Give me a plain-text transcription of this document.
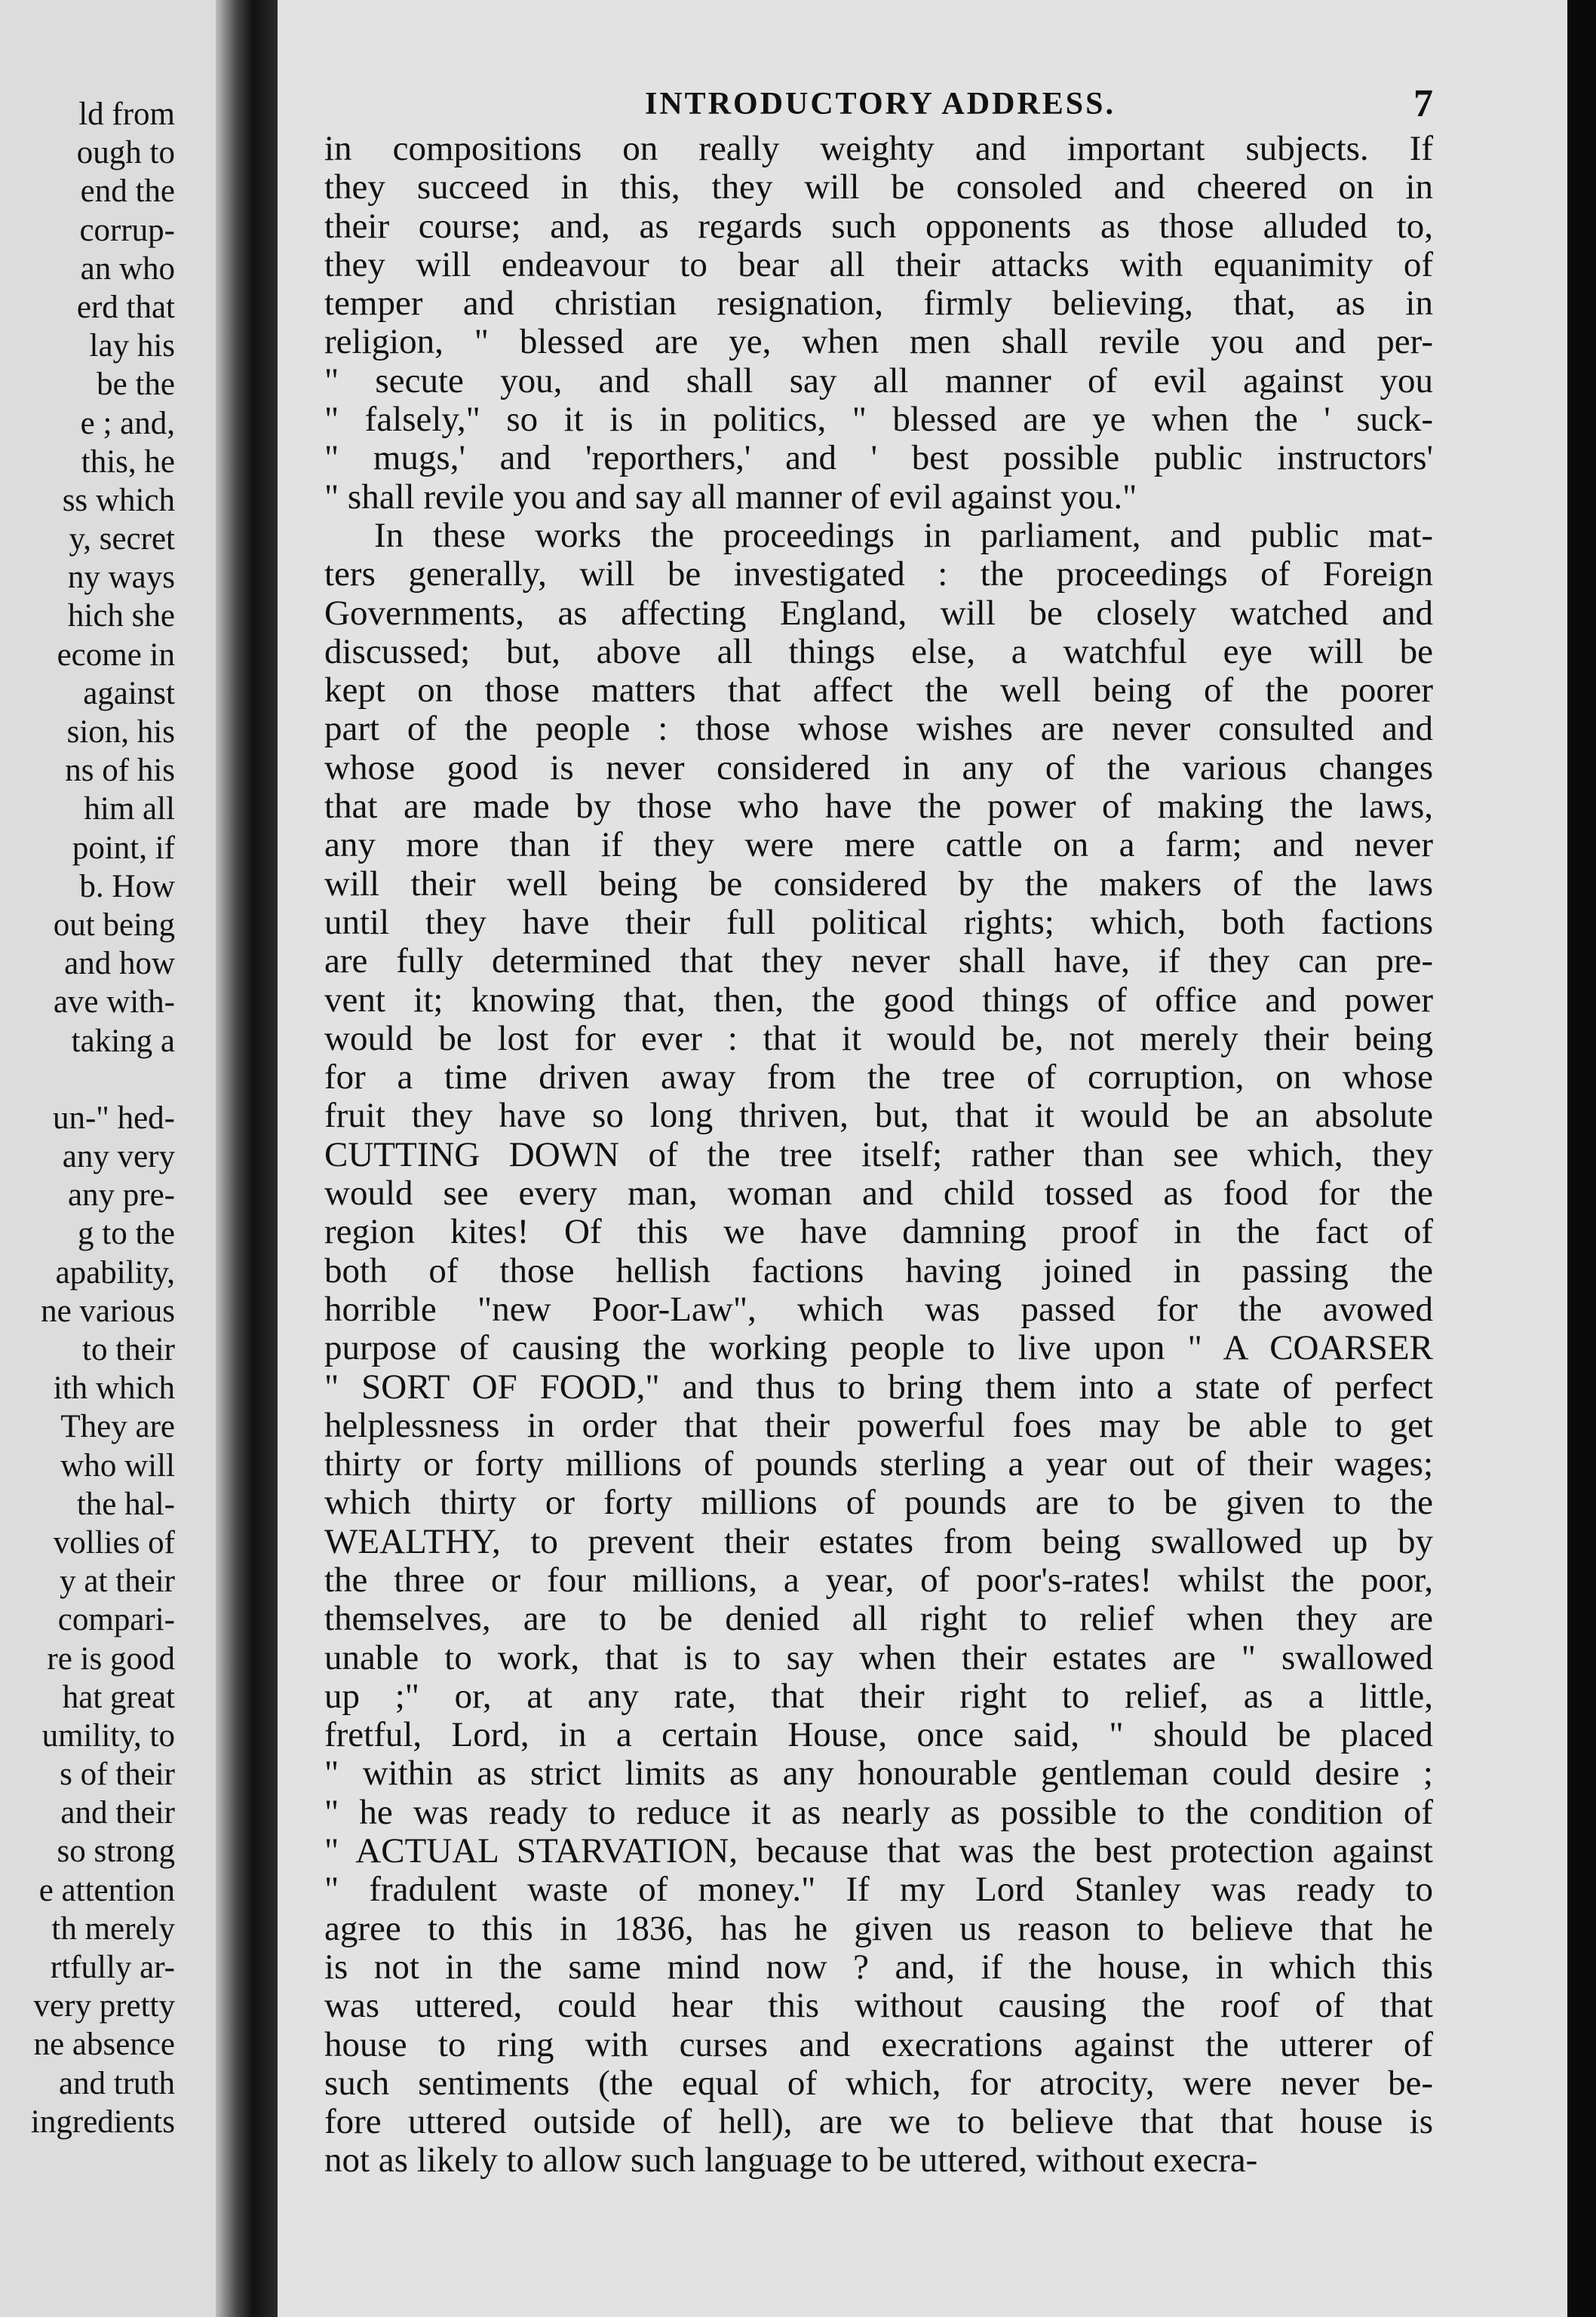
ld from
ough to
end the
corrup-
an who
erd that
lay his
be the
e ; and,
this, he
ss which
y, secret
ny ways
hich she
ecome in
against
sion, his
ns of his
him all
point, if
b. How
out being
and how
ave with-
taking a
un-" hed-
any very
any pre-
g to the
apability,
ne various
to their
ith which
They are
who will
the hal-
vollies of
y at their
compari-
re is good
hat great
umility, to
s of their
and their
so strong
e attention
th merely
rtfully ar-
very pretty
ne absence
and truth
ingredients
INTRODUCTORY ADDRESS.	7
in compositions on really weighty and important subjects. If
they succeed in this, they will be consoled and cheered on in
their course; and, as regards such opponents as those alluded to,
they will endeavour to bear all their attacks with equanimity of
temper and christian resignation, firmly believing, that, as in
religion, " blessed are ye, when men shall revile you and per-
" secute you, and shall say all manner of evil against you
" falsely," so it is in politics, " blessed are ye when the ' suck-
" mugs,' and 'reporthers,' and ' best possible public instructors'
" shall revile you and say all manner of evil against you."
In these works the proceedings in parliament, and public mat-
ters generally, will be investigated : the proceedings of Foreign
Governments, as affecting England, will be closely watched and
discussed; but, above all things else, a watchful eye will be
kept on those matters that affect the well being of the poorer
part of the people : those whose wishes are never consulted and
whose good is never considered in any of the various changes
that are made by those who have the power of making the laws,
any more than if they were mere cattle on a farm; and never
will their well being be considered by the makers of the laws
until they have their full political rights; which, both factions
are fully determined that they never shall have, if they can pre-
vent it; knowing that, then, the good things of office and power
would be lost for ever : that it would be, not merely their being
for a time driven away from the tree of corruption, on whose
fruit they have so long thriven, but, that it would be an absolute
CUTTING DOWN of the tree itself; rather than see which, they
would see every man, woman and child tossed as food for the
region kites! Of this we have damning proof in the fact of
both of those hellish factions having joined in passing the
horrible "new Poor-Law", which was passed for the avowed
purpose of causing the working people to live upon " A COARSER
" SORT OF FOOD," and thus to bring them into a state of perfect
helplessness in order that their powerful foes may be able to get
thirty or forty millions of pounds sterling a year out of their wages;
which thirty or forty millions of pounds are to be given to the
WEALTHY, to prevent their estates from being swallowed up by
the three or four millions, a year, of poor's-rates! whilst the poor,
themselves, are to be denied all right to relief when they are
unable to work, that is to say when their estates are " swallowed
up ;" or, at any rate, that their right to relief, as a little,
fretful, Lord, in a certain House, once said, " should be placed
" within as strict limits as any honourable gentleman could desire ;
" he was ready to reduce it as nearly as possible to the condition of
" ACTUAL STARVATION, because that was the best protection against
" fradulent waste of money." If my Lord Stanley was ready to
agree to this in 1836, has he given us reason to believe that he
is not in the same mind now ? and, if the house, in which this
was uttered, could hear this without causing the roof of that
house to ring with curses and execrations against the utterer of
such sentiments (the equal of which, for atrocity, were never be-
fore uttered outside of hell), are we to believe that that house is
not as likely to allow such language to be uttered, without execra-
